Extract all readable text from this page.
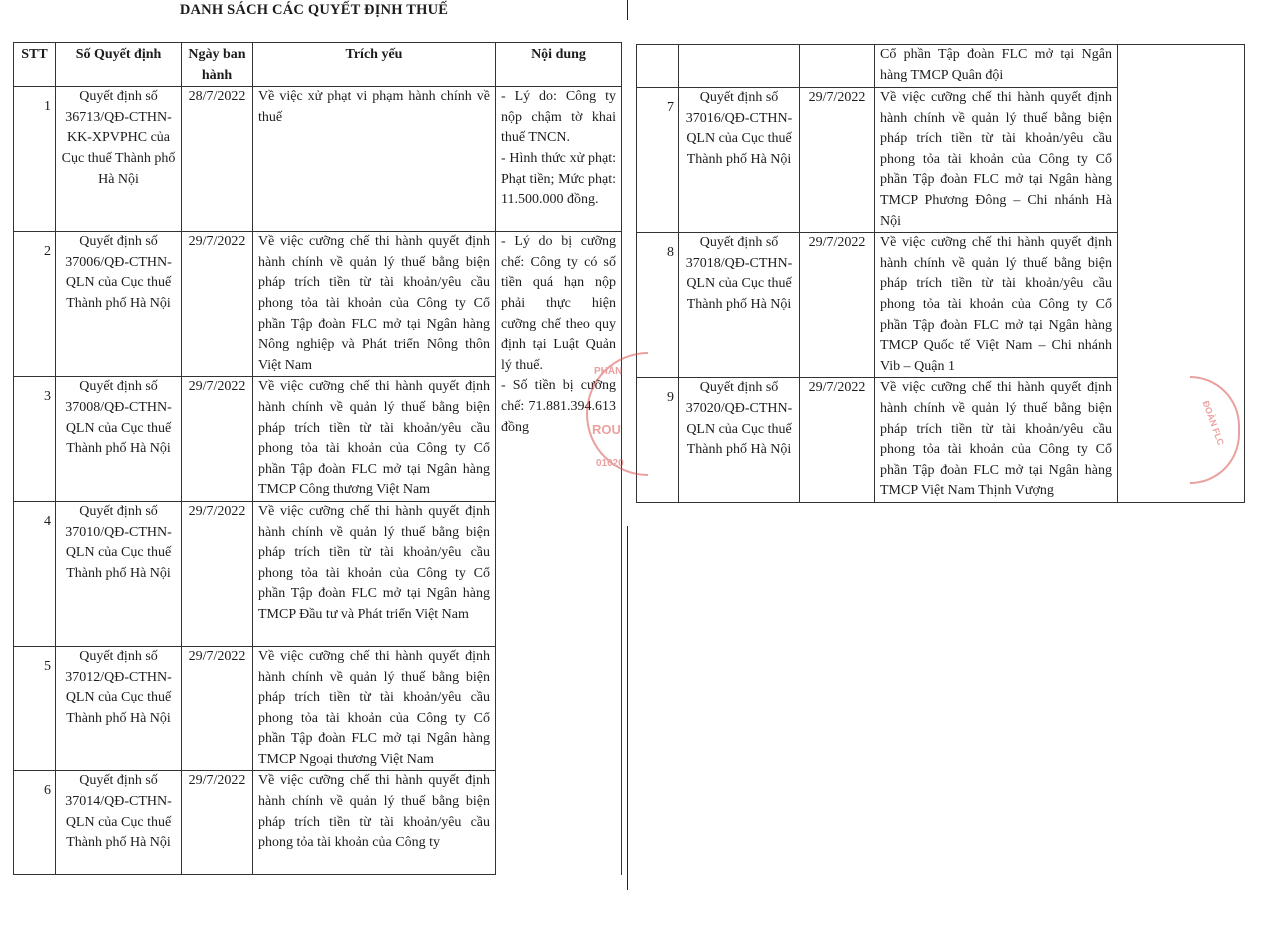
DANH SÁCH CÁC QUYẾT ĐỊNH THUẾ
STT	Số Quyết định	Ngày ban hành	Trích yếu	Nội dung
1	Quyết định số 36713/QĐ-CTHN-KK-XPVPHC của Cục thuế Thành phố Hà Nội	28/7/2022	Về việc xử phạt vi phạm hành chính về thuế	- Lý do: Công ty nộp chậm tờ khai thuế TNCN.
- Hình thức xử phạt: Phạt tiền; Mức phạt: 11.500.000 đồng.

2	Quyết định số 37006/QĐ-CTHN-QLN của Cục thuế Thành phố Hà Nội	29/7/2022	Về việc cưỡng chế thi hành quyết định hành chính về quản lý thuế bằng biện pháp trích tiền từ tài khoản/yêu cầu phong tỏa tài khoản của Công ty Cổ phần Tập đoàn FLC mở tại Ngân hàng Nông nghiệp và Phát triển Nông thôn Việt Nam	- Lý do bị cưỡng chế: Công ty có số tiền quá hạn nộp phải thực hiện cưỡng chế theo quy định tại Luật Quản lý thuế.
- Số tiền bị cưỡng chế: 71.881.394.613 đồng

3	Quyết định số 37008/QĐ-CTHN-QLN của Cục thuế Thành phố Hà Nội	29/7/2022	Về việc cưỡng chế thi hành quyết định hành chính về quản lý thuế bằng biện pháp trích tiền từ tài khoản/yêu cầu phong tỏa tài khoản của Công ty Cổ phần Tập đoàn FLC mở tại Ngân hàng TMCP Công thương Việt Nam	
4	Quyết định số 37010/QĐ-CTHN-QLN của Cục thuế Thành phố Hà Nội	29/7/2022	Về việc cưỡng chế thi hành quyết định hành chính về quản lý thuế bằng biện pháp trích tiền từ tài khoản/yêu cầu phong tỏa tài khoản của Công ty Cổ phần Tập đoàn FLC mở tại Ngân hàng TMCP Đầu tư và Phát triển Việt Nam	
5	Quyết định số 37012/QĐ-CTHN-QLN của Cục thuế Thành phố Hà Nội	29/7/2022	Về việc cưỡng chế thi hành quyết định hành chính về quản lý thuế bằng biện pháp trích tiền từ tài khoản/yêu cầu phong tỏa tài khoản của Công ty Cổ phần Tập đoàn FLC mở tại Ngân hàng TMCP Ngoại thương Việt Nam	
6	Quyết định số 37014/QĐ-CTHN-QLN của Cục thuế Thành phố Hà Nội	29/7/2022	Về việc cưỡng chế thi hành quyết định hành chính về quản lý thuế bằng biện pháp trích tiền từ tài khoản/yêu cầu phong tỏa tài khoản của Công ty	
			Cổ phần Tập đoàn FLC mở tại Ngân hàng TMCP Quân đội	
7	Quyết định số 37016/QĐ-CTHN-QLN của Cục thuế Thành phố Hà Nội	29/7/2022	Về việc cưỡng chế thi hành quyết định hành chính về quản lý thuế bằng biện pháp trích tiền từ tài khoản/yêu cầu phong tỏa tài khoản của Công ty Cổ phần Tập đoàn FLC mở tại Ngân hàng TMCP Phương Đông – Chi nhánh Hà Nội	
8	Quyết định số 37018/QĐ-CTHN-QLN của Cục thuế Thành phố Hà Nội	29/7/2022	Về việc cưỡng chế thi hành quyết định hành chính về quản lý thuế bằng biện pháp trích tiền từ tài khoản/yêu cầu phong tỏa tài khoản của Công ty Cổ phần Tập đoàn FLC mở tại Ngân hàng TMCP Quốc tế Việt Nam – Chi nhánh Vib – Quận 1	
9	Quyết định số 37020/QĐ-CTHN-QLN của Cục thuế Thành phố Hà Nội	29/7/2022	Về việc cưỡng chế thi hành quyết định hành chính về quản lý thuế bằng biện pháp trích tiền từ tài khoản/yêu cầu phong tỏa tài khoản của Công ty Cổ phần Tập đoàn FLC mở tại Ngân hàng TMCP Việt Nam Thịnh Vượng	
PHẦN
ROU
01020
ĐOÀN FLC
